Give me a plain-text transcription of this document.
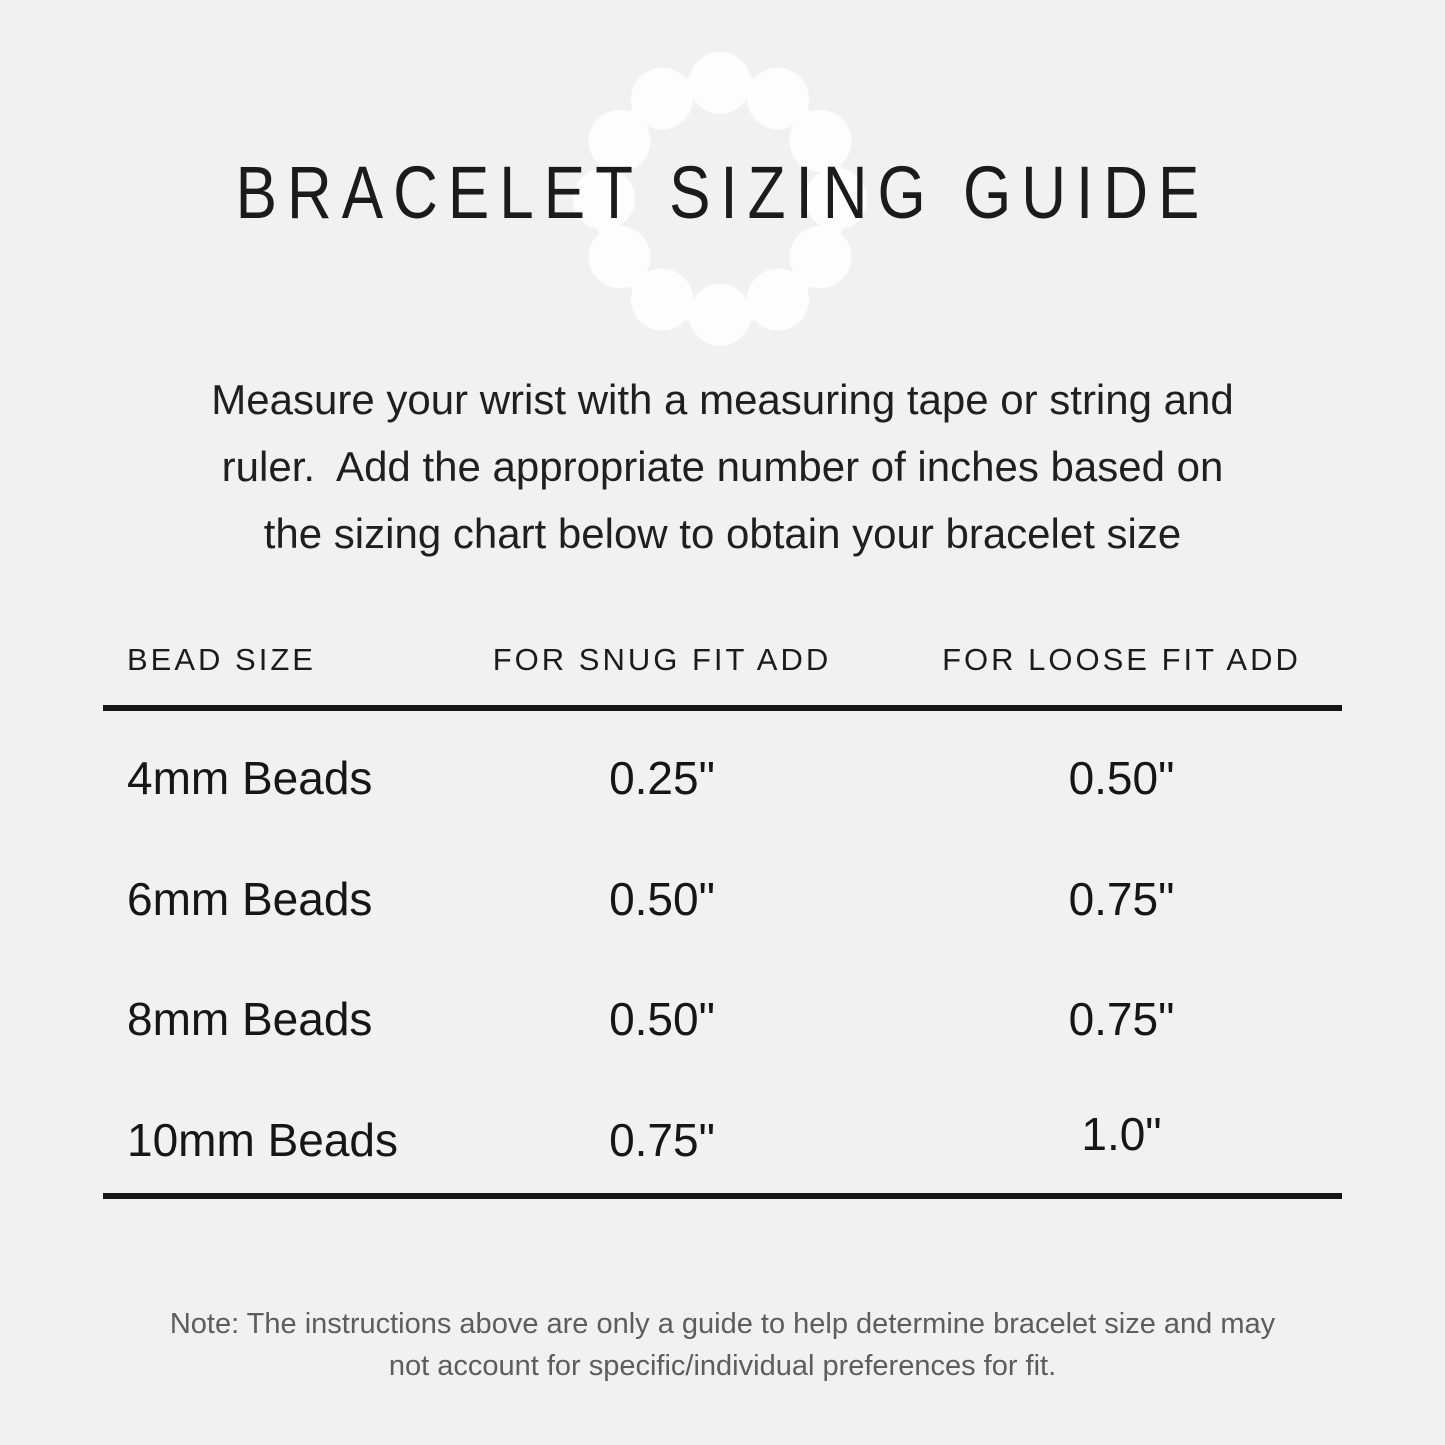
BRACELET SIZING GUIDE
Measure your wrist with a measuring tape or string and
ruler.  Add the appropriate number of inches based on
the sizing chart below to obtain your bracelet size
BEAD SIZE	FOR SNUG FIT ADD	FOR LOOSE FIT ADD
4mm Beads	0.25"	0.50"
6mm Beads	0.50"	0.75"
8mm Beads	0.50"	0.75"
10mm Beads	0.75"	1.0"
Note: The instructions above are only a guide to help determine bracelet size and may
not account for specific/individual preferences for fit.
